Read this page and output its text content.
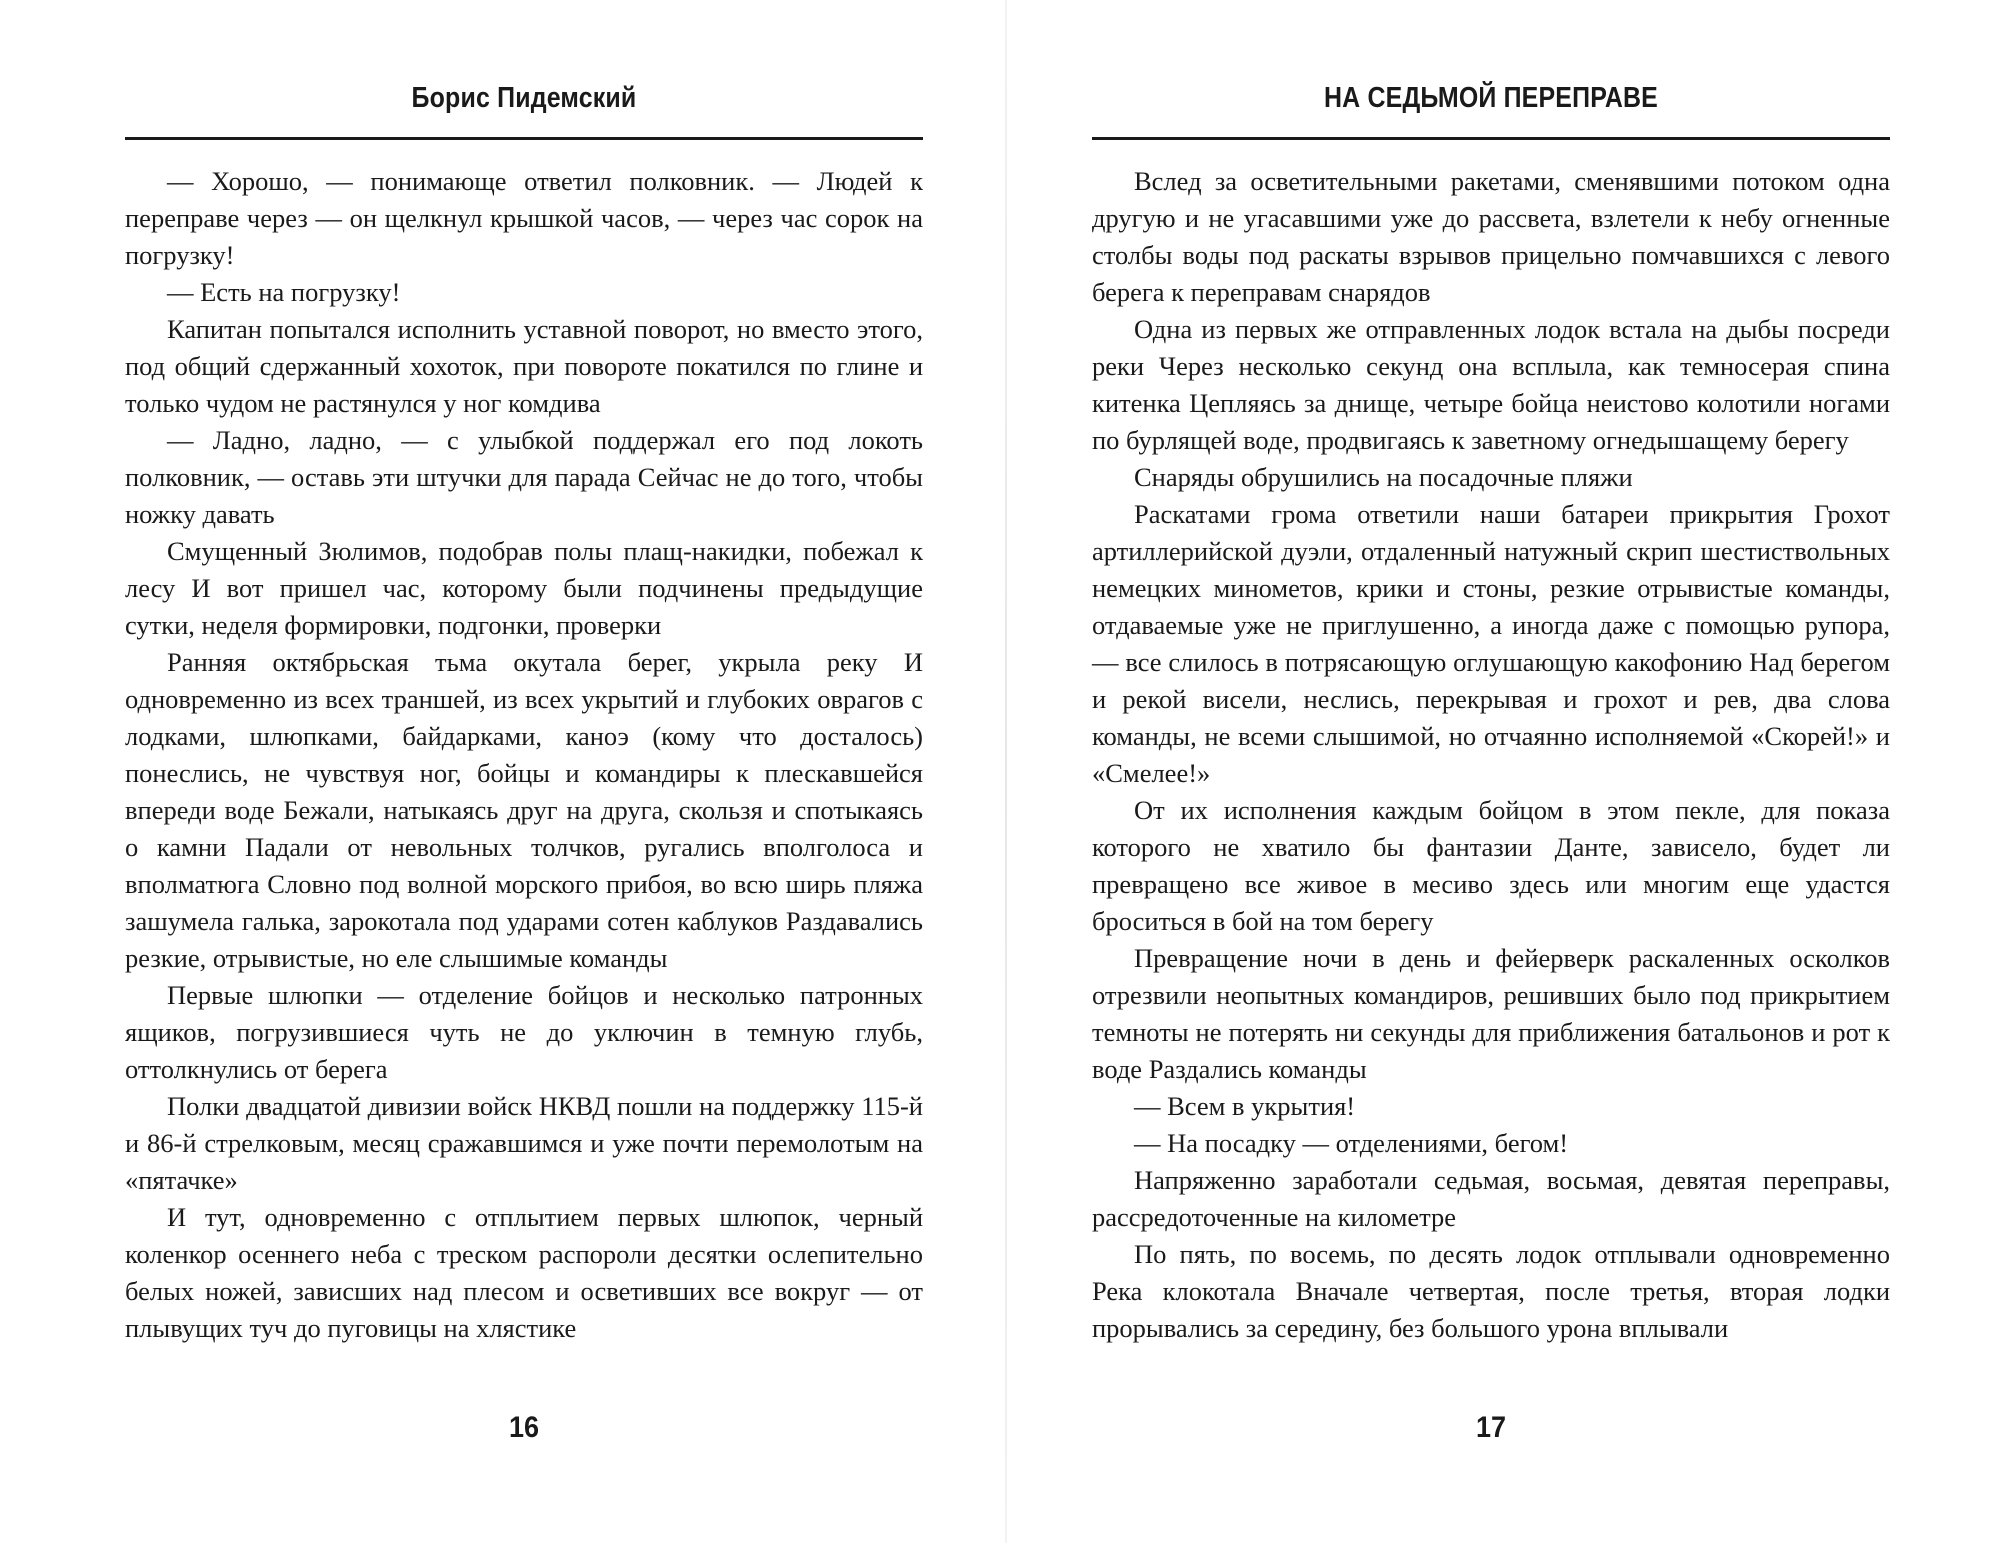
Борис Пидемский

— Хорошо, — понимающе ответил полковник. — Людей к переправе через — он щелкнул крышкой часов, — через час сорок на погрузку!

— Есть на погрузку!

Капитан попытался исполнить уставной поворот, но вместо этого, под общий сдержанный хохоток, при повороте покатился по глине и только чудом не растянулся у ног комдива

— Ладно, ладно, — с улыбкой поддержал его под локоть полковник, — оставь эти штучки для парада Сейчас не до того, чтобы ножку давать

Смущенный Зюлимов, подобрав полы плащ-накидки, побежал к лесу И вот пришел час, которому были подчинены предыдущие сутки, неделя формировки, подгонки, проверки

Ранняя октябрьская тьма окутала берег, укрыла реку И одновременно из всех траншей, из всех укрытий и глубоких оврагов с лодками, шлюпками, байдарками, каноэ (кому что досталось) понеслись, не чувствуя ног, бойцы и командиры к плескавшейся впереди воде Бежали, натыкаясь друг на друга, скользя и спотыкаясь о камни Падали от невольных толчков, ругались вполголоса и вполматюга Словно под волной морского прибоя, во всю ширь пляжа зашумела галька, зарокотала под ударами сотен каблуков Раздавались резкие, отрывистые, но еле слышимые команды

Первые шлюпки — отделение бойцов и несколько патронных ящиков, погрузившиеся чуть не до уключин в темную глубь, оттолкнулись от берега

Полки двадцатой дивизии войск НКВД пошли на поддержку 115-й и 86-й стрелковым, месяц сражавшимся и уже почти перемолотым на «пятачке»

И тут, одновременно с отплытием первых шлюпок, черный коленкор осеннего неба с треском распороли десятки ослепительно белых ножей, зависших над плесом и осветивших все вокруг — от плывущих туч до пуговицы на хлястике

16
НА СЕДЬМОЙ ПЕРЕПРАВЕ

Вслед за осветительными ракетами, сменявшими потоком одна другую и не угасавшими уже до рассвета, взлетели к небу огненные столбы воды под раскаты взрывов прицельно помчавшихся с левого берега к переправам снарядов

Одна из первых же отправленных лодок встала на дыбы посреди реки Через несколько секунд она всплыла, как темносерая спина китенка Цепляясь за днище, четыре бойца неистово колотили ногами по бурлящей воде, продвигаясь к заветному огнедышащему берегу

Снаряды обрушились на посадочные пляжи

Раскатами грома ответили наши батареи прикрытия Грохот артиллерийской дуэли, отдаленный натужный скрип шестиствольных немецких минометов, крики и стоны, резкие отрывистые команды, отдаваемые уже не приглушенно, а иногда даже с помощью рупора, — все слилось в потрясающую оглушающую какофонию Над берегом и рекой висели, неслись, перекрывая и грохот и рев, два слова команды, не всеми слышимой, но отчаянно исполняемой «Скорей!» и «Смелее!»

От их исполнения каждым бойцом в этом пекле, для показа которого не хватило бы фантазии Данте, зависело, будет ли превращено все живое в месиво здесь или многим еще удастся броситься в бой на том берегу

Превращение ночи в день и фейерверк раскаленных осколков отрезвили неопытных командиров, решивших было под прикрытием темноты не потерять ни секунды для приближения батальонов и рот к воде Раздались команды

— Всем в укрытия!

— На посадку — отделениями, бегом!

Напряженно заработали седьмая, восьмая, девятая переправы, рассредоточенные на километре

По пять, по восемь, по десять лодок отплывали одновременно Река клокотала Вначале четвертая, после третья, вторая лодки прорывались за середину, без большого урона вплывали

17
